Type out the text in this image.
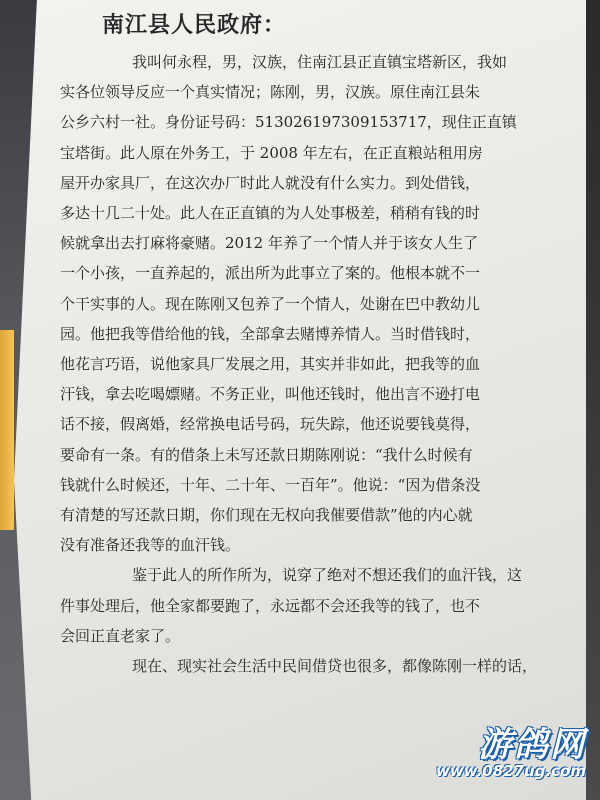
南江县人民政府：
我叫何永程，男，汉族，住南江县正直镇宝塔新区，我如
实各位领导反应一个真实情况；陈刚，男，汉族。原住南江县朱
公乡六村一社。身份证号码：513026197309153717，现住正直镇
宝塔街。此人原在外务工，于 2008 年左右，在正直粮站租用房
屋开办家具厂，在这次办厂时此人就没有什么实力。到处借钱，
多达十几二十处。此人在正直镇的为人处事极差，稍稍有钱的时
候就拿出去打麻将豪赌。2012 年养了一个情人并于该女人生了
一个小孩，一直养起的，派出所为此事立了案的。他根本就不一
个干实事的人。现在陈刚又包养了一个情人，处谢在巴中教幼儿
园。他把我等借给他的钱，全部拿去赌博养情人。当时借钱时，
他花言巧语，说他家具厂发展之用，其实并非如此，把我等的血
汗钱，拿去吃喝嫖赌。不务正业，叫他还钱时，他出言不逊打电
话不接，假离婚，经常换电话号码，玩失踪，他还说要钱莫得，
要命有一条。有的借条上未写还款日期陈刚说：“我什么时候有
钱就什么时候还，十年、二十年、一百年”。他说：“因为借条没
有清楚的写还款日期，你们现在无权向我催要借款”他的内心就
没有准备还我等的血汗钱。
鉴于此人的所作所为，说穿了绝对不想还我们的血汗钱，这
件事处理后，他全家都要跑了，永远都不会还我等的钱了，也不
会回正直老家了。
现在、现实社会生活中民间借贷也很多，都像陈刚一样的话，
游鸽网
www.0827ug.com
